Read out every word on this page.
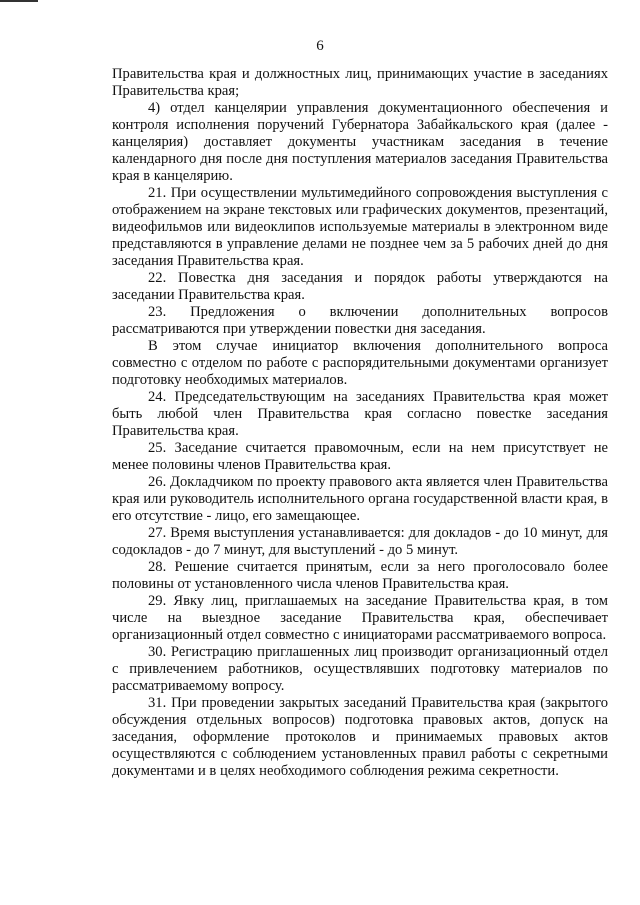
6

Правительства края и должностных лиц, принимающих участие в заседаниях Правительства края;

4) отдел канцелярии управления документационного обеспечения и контроля исполнения поручений Губернатора Забайкальского края (далее - канцелярия) доставляет документы участникам заседания в течение календарного дня после дня поступления материалов заседания Правительства края в канцелярию.

21. При осуществлении мультимедийного сопровождения выступления с отображением на экране текстовых или графических документов, презентаций, видеофильмов или видеоклипов используемые материалы в электронном виде представляются в управление делами не позднее чем за 5 рабочих дней до дня заседания Правительства края.

22. Повестка дня заседания и порядок работы утверждаются на заседании Правительства края.

23. Предложения о включении дополнительных вопросов рассматриваются при утверждении повестки дня заседания.

В этом случае инициатор включения дополнительного вопроса совместно с отделом по работе с распорядительными документами организует подготовку необходимых материалов.

24. Председательствующим на заседаниях Правительства края может быть любой член Правительства края согласно повестке заседания Правительства края.

25. Заседание считается правомочным, если на нем присутствует не менее половины членов Правительства края.

26. Докладчиком по проекту правового акта является член Правительства края или руководитель исполнительного органа государственной власти края, в его отсутствие - лицо, его замещающее.

27. Время выступления устанавливается: для докладов - до 10 минут, для содокладов - до 7 минут, для выступлений - до 5 минут.

28. Решение считается принятым, если за него проголосовало более половины от установленного числа членов Правительства края.

29. Явку лиц, приглашаемых на заседание Правительства края, в том числе на выездное заседание Правительства края, обеспечивает организационный отдел совместно с инициаторами рассматриваемого вопроса.

30. Регистрацию приглашенных лиц производит организационный отдел с привлечением работников, осуществлявших подготовку материалов по рассматриваемому вопросу.

31. При проведении закрытых заседаний Правительства края (закрытого обсуждения отдельных вопросов) подготовка правовых актов, допуск на заседания, оформление протоколов и принимаемых правовых актов осуществляются с соблюдением установленных правил работы с секретными документами и в целях необходимого соблюдения режима секретности.
